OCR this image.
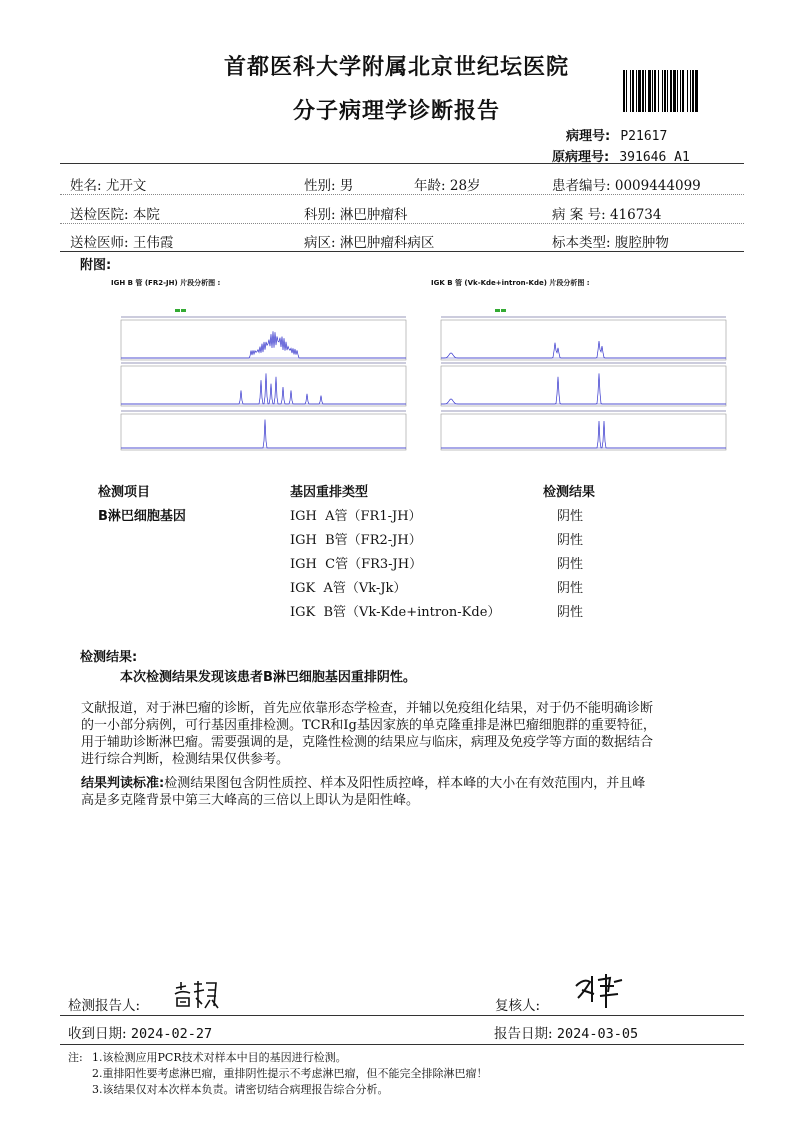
首都医科大学附属北京世纪坛医院
分子病理学诊断报告
病理号: P21617
原病理号: 391646 A1
姓名: 尤开文	性别: 男	年龄: 28岁	患者编号: 0009444099
送检医院: 本院	科别: 淋巴肿瘤科	病 案 号: 416734
送检医师: 王伟霞	病区: 淋巴肿瘤科病区	标本类型: 腹腔肿物
附图:
IGH B 管 (FR2-JH) 片段分析图 :	IGK B 管 (Vk-Kde+intron-Kde) 片段分析图 :
检测项目	基因重排类型	检测结果
B淋巴细胞基因	IGH  A管（FR1-JH）	阴性
IGH  B管（FR2-JH）	阴性
IGH  C管（FR3-JH）	阴性
IGK  A管（Vk-Jk）	阴性
IGK  B管（Vk-Kde+intron-Kde）	阴性
检测结果:
本次检测结果发现该患者B淋巴细胞基因重排阴性。
文献报道，对于淋巴瘤的诊断，首先应依靠形态学检查，并辅以免疫组化结果，对于仍不能明确诊断
的一小部分病例，可行基因重排检测。TCR和Ig基因家族的单克隆重排是淋巴瘤细胞群的重要特征，
用于辅助诊断淋巴瘤。需要强调的是，克隆性检测的结果应与临床，病理及免疫学等方面的数据结合
进行综合判断，检测结果仅供参考。
结果判读标准:检测结果图包含阴性质控、样本及阳性质控峰，样本峰的大小在有效范围内，并且峰
高是多克隆背景中第三大峰高的三倍以上即认为是阳性峰。
检测报告人:	复核人:
收到日期: 2024-02-27	报告日期: 2024-03-05
注: 1.该检测应用PCR技术对样本中目的基因进行检测。
2.重排阳性要考虑淋巴瘤，重排阴性提示不考虑淋巴瘤，但不能完全排除淋巴瘤！
3.该结果仅对本次样本负责。请密切结合病理报告综合分析。
